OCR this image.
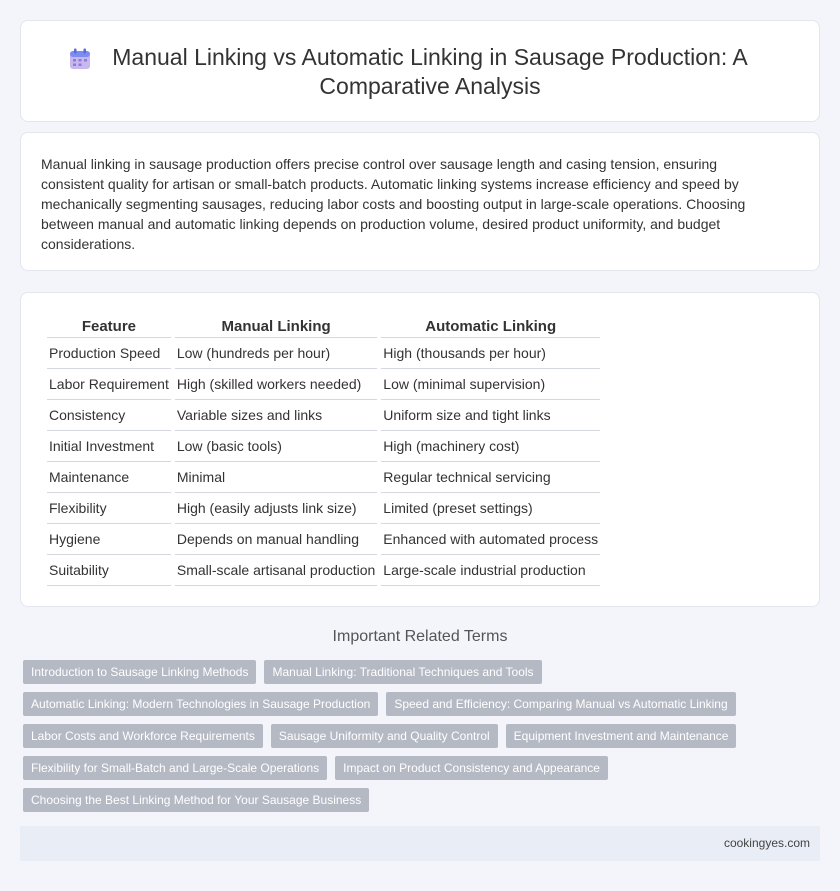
Manual Linking vs Automatic Linking in Sausage Production: A Comparative Analysis

Manual linking in sausage production offers precise control over sausage length and casing tension, ensuring consistent quality for artisan or small-batch products. Automatic linking systems increase efficiency and speed by mechanically segmenting sausages, reducing labor costs and boosting output in large-scale operations. Choosing between manual and automatic linking depends on production volume, desired product uniformity, and budget considerations.

Feature	Manual Linking	Automatic Linking
Production Speed	Low (hundreds per hour)	High (thousands per hour)
Labor Requirement	High (skilled workers needed)	Low (minimal supervision)
Consistency	Variable sizes and links	Uniform size and tight links
Initial Investment	Low (basic tools)	High (machinery cost)
Maintenance	Minimal	Regular technical servicing
Flexibility	High (easily adjusts link size)	Limited (preset settings)
Hygiene	Depends on manual handling	Enhanced with automated process
Suitability	Small-scale artisanal production	Large-scale industrial production
Important Related Terms
Introduction to Sausage Linking Methods	Manual Linking: Traditional Techniques and Tools
Automatic Linking: Modern Technologies in Sausage Production	Speed and Efficiency: Comparing Manual vs Automatic Linking
Labor Costs and Workforce Requirements	Sausage Uniformity and Quality Control	Equipment Investment and Maintenance
Flexibility for Small-Batch and Large-Scale Operations	Impact on Product Consistency and Appearance
Choosing the Best Linking Method for Your Sausage Business
cookingyes.com
